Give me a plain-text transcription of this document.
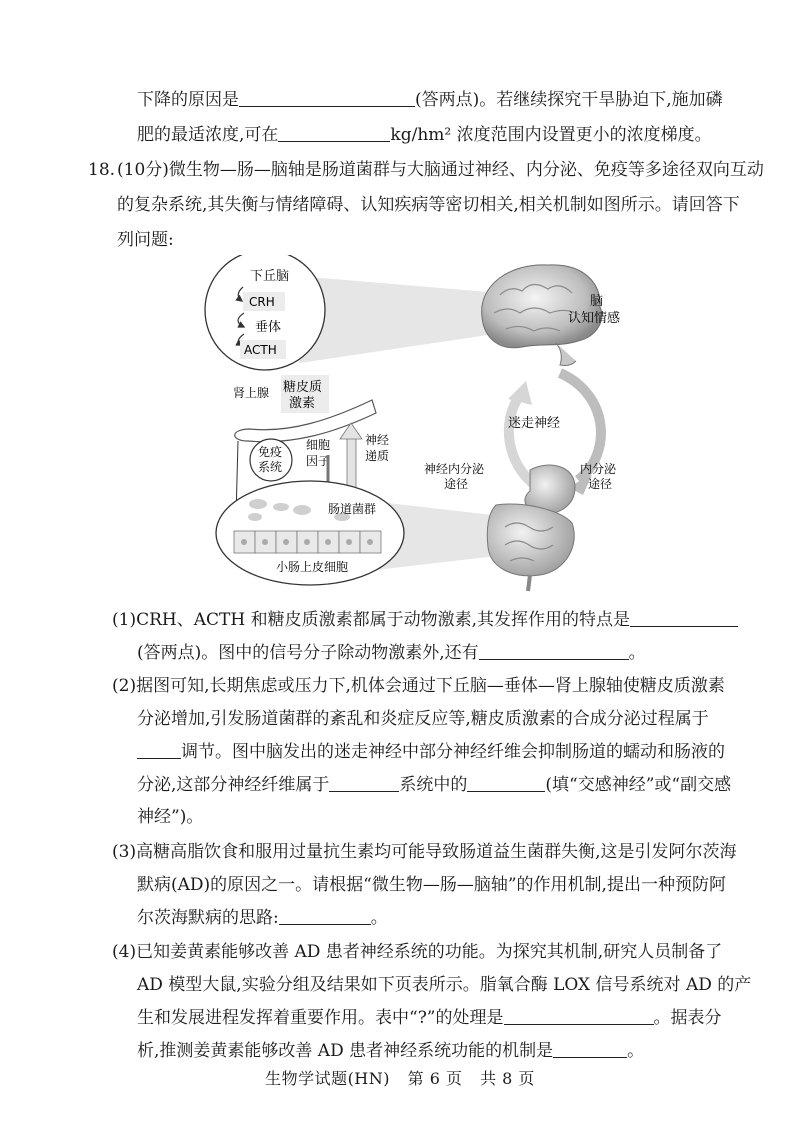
下降的原因是	(答两点)。若继续探究干旱胁迫下,施加磷
肥的最适浓度,可在	kg/hm² 浓度范围内设置更小的浓度梯度。
18. (10分)微生物—肠—脑轴是肠道菌群与大脑通过神经、内分泌、免疫等多途径双向互动
的复杂系统,其失衡与情绪障碍、认知疾病等密切相关,相关机制如图所示。请回答下
列问题:
下丘脑
CRH
垂体
ACTH
脑
认知情感
肾上腺 糖皮质
激素
免疫
系统
细胞
因子
神经
递质
肠道菌群
小肠上皮细胞
迷走神经
神经内分泌
途径
内分泌
途径
(1)CRH、ACTH 和糖皮质激素都属于动物激素,其发挥作用的特点是
(答两点)。图中的信号分子除动物激素外,还有	。
(2)据图可知,长期焦虑或压力下,机体会通过下丘脑—垂体—肾上腺轴使糖皮质激素
分泌增加,引发肠道菌群的紊乱和炎症反应等,糖皮质激素的合成分泌过程属于
调节。图中脑发出的迷走神经中部分神经纤维会抑制肠道的蠕动和肠液的
分泌,这部分神经纤维属于	系统中的	(填“交感神经”或“副交感
神经”)。
(3)高糖高脂饮食和服用过量抗生素均可能导致肠道益生菌群失衡,这是引发阿尔茨海
默病(AD)的原因之一。请根据“微生物—肠—脑轴”的作用机制,提出一种预防阿
尔茨海默病的思路:	。
(4)已知姜黄素能够改善 AD 患者神经系统的功能。为探究其机制,研究人员制备了
AD 模型大鼠,实验分组及结果如下页表所示。脂氧合酶 LOX 信号系统对 AD 的产
生和发展进程发挥着重要作用。表中“?”的处理是	。据表分
析,推测姜黄素能够改善 AD 患者神经系统功能的机制是	。
生物学试题(HN) 第 6 页 共 8 页
